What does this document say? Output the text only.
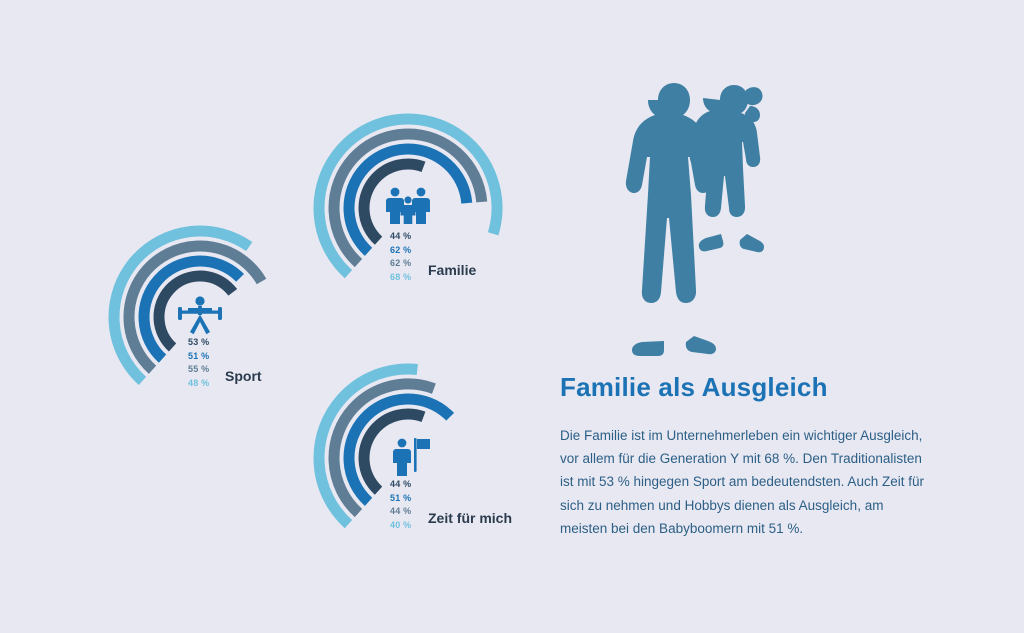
Sport
53 %
51 %
55 %
48 %
Familie
44 %
62 %
62 %
68 %
Zeit für mich
44 %
51 %
44 %
40 %
Familie als Ausgleich
Die Familie ist im Unternehmerleben ein wichtiger Ausgleich, vor allem für die Generation Y mit 68 %. Den Traditionalisten ist mit 53 % hingegen Sport am bedeutendsten. Auch Zeit für sich zu nehmen und Hobbys dienen als Ausgleich, am meisten bei den Babyboomern mit 51 %.
